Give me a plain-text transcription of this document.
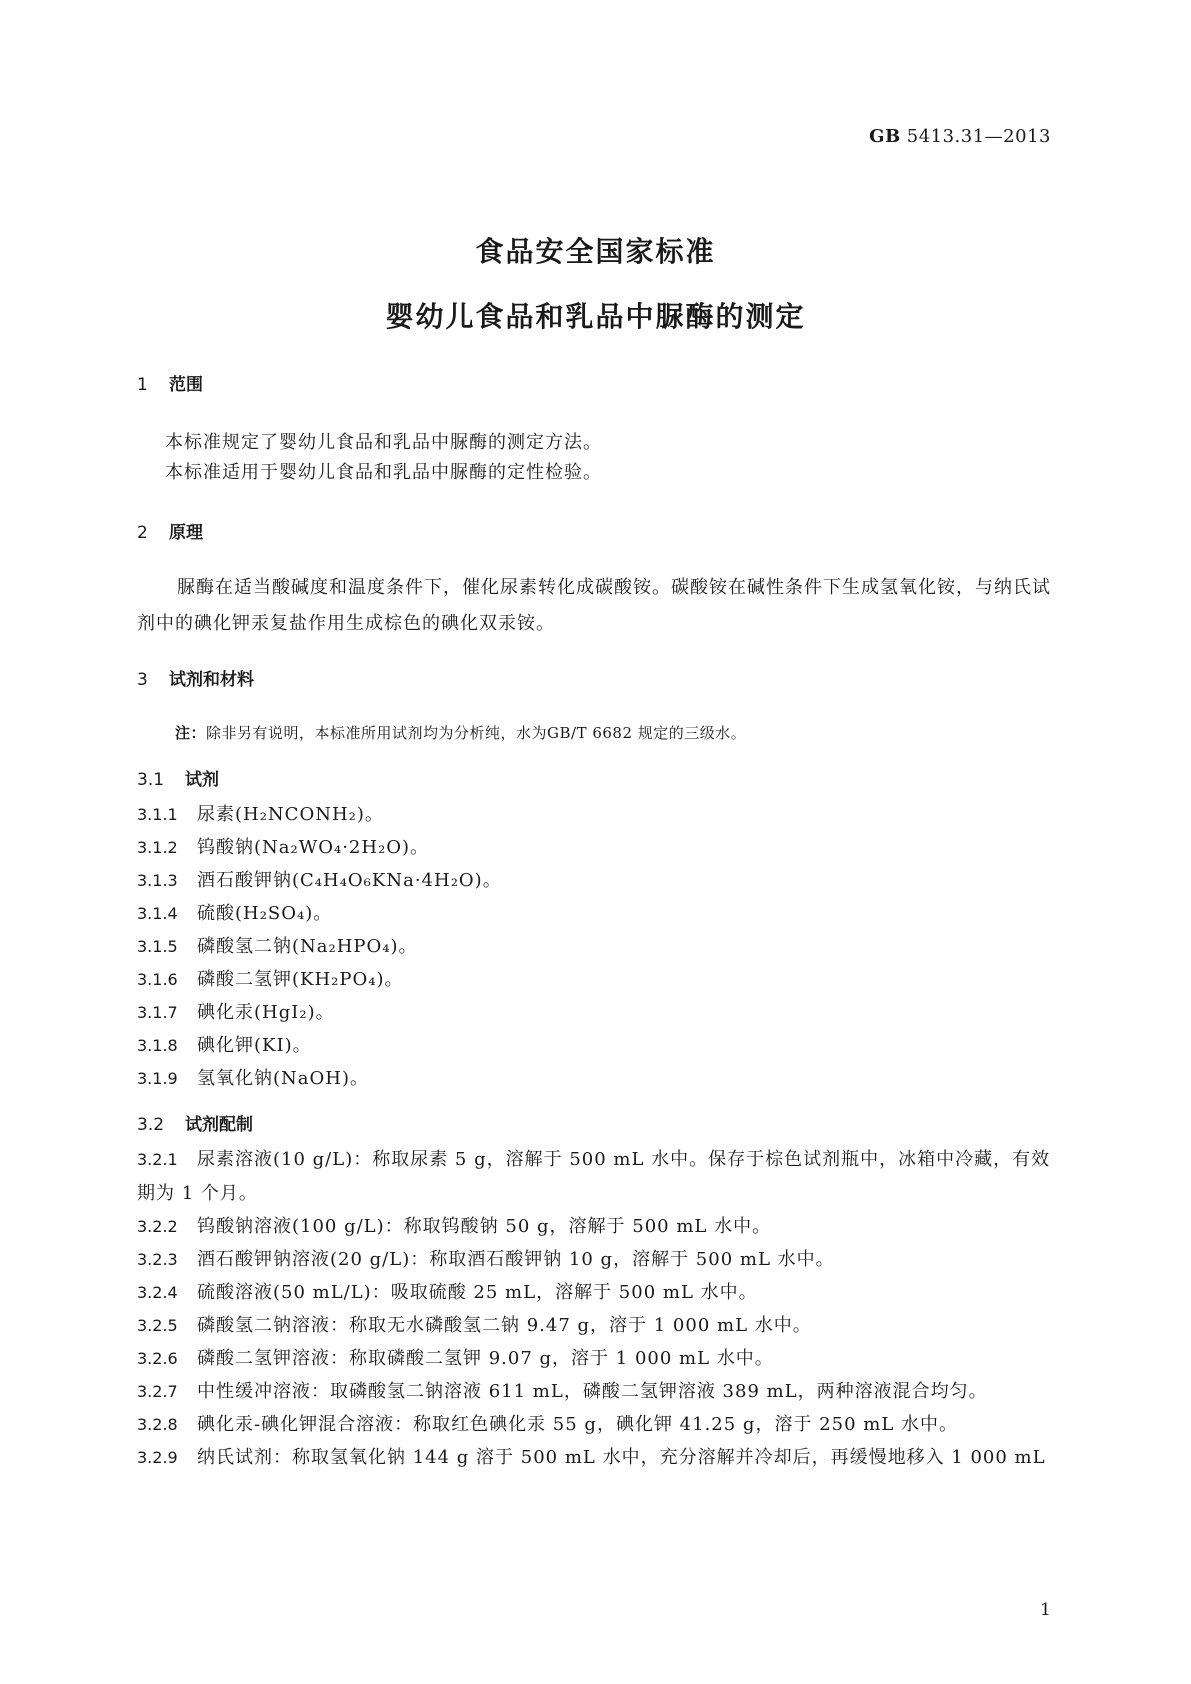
GB 5413.31—2013
食品安全国家标准
婴幼儿食品和乳品中脲酶的测定
1 范围
本标准规定了婴幼儿食品和乳品中脲酶的测定方法。
本标准适用于婴幼儿食品和乳品中脲酶的定性检验。
2 原理
脲酶在适当酸碱度和温度条件下，催化尿素转化成碳酸铵。碳酸铵在碱性条件下生成氢氧化铵，与纳氏试剂中的碘化钾汞复盐作用生成棕色的碘化双汞铵。
3 试剂和材料
注：除非另有说明，本标准所用试剂均为分析纯，水为GB/T 6682 规定的三级水。
3.1 试剂
3.1.1 尿素(H₂NCONH₂)。
3.1.2 钨酸钠(Na₂WO₄·2H₂O)。
3.1.3 酒石酸钾钠(C₄H₄O₆KNa·4H₂O)。
3.1.4 硫酸(H₂SO₄)。
3.1.5 磷酸氢二钠(Na₂HPO₄)。
3.1.6 磷酸二氢钾(KH₂PO₄)。
3.1.7 碘化汞(HgI₂)。
3.1.8 碘化钾(KI)。
3.1.9 氢氧化钠(NaOH)。
3.2 试剂配制
3.2.1 尿素溶液(10 g/L)：称取尿素 5 g，溶解于 500 mL 水中。保存于棕色试剂瓶中，冰箱中冷藏，有效期为 1 个月。
3.2.2 钨酸钠溶液(100 g/L)：称取钨酸钠 50 g，溶解于 500 mL 水中。
3.2.3 酒石酸钾钠溶液(20 g/L)：称取酒石酸钾钠 10 g，溶解于 500 mL 水中。
3.2.4 硫酸溶液(50 mL/L)：吸取硫酸 25 mL，溶解于 500 mL 水中。
3.2.5 磷酸氢二钠溶液：称取无水磷酸氢二钠 9.47 g，溶于 1 000 mL 水中。
3.2.6 磷酸二氢钾溶液：称取磷酸二氢钾 9.07 g，溶于 1 000 mL 水中。
3.2.7 中性缓冲溶液：取磷酸氢二钠溶液 611 mL，磷酸二氢钾溶液 389 mL，两种溶液混合均匀。
3.2.8 碘化汞-碘化钾混合溶液：称取红色碘化汞 55 g，碘化钾 41.25 g，溶于 250 mL 水中。
3.2.9 纳氏试剂：称取氢氧化钠 144 g 溶于 500 mL 水中，充分溶解并冷却后，再缓慢地移入 1 000 mL
1
